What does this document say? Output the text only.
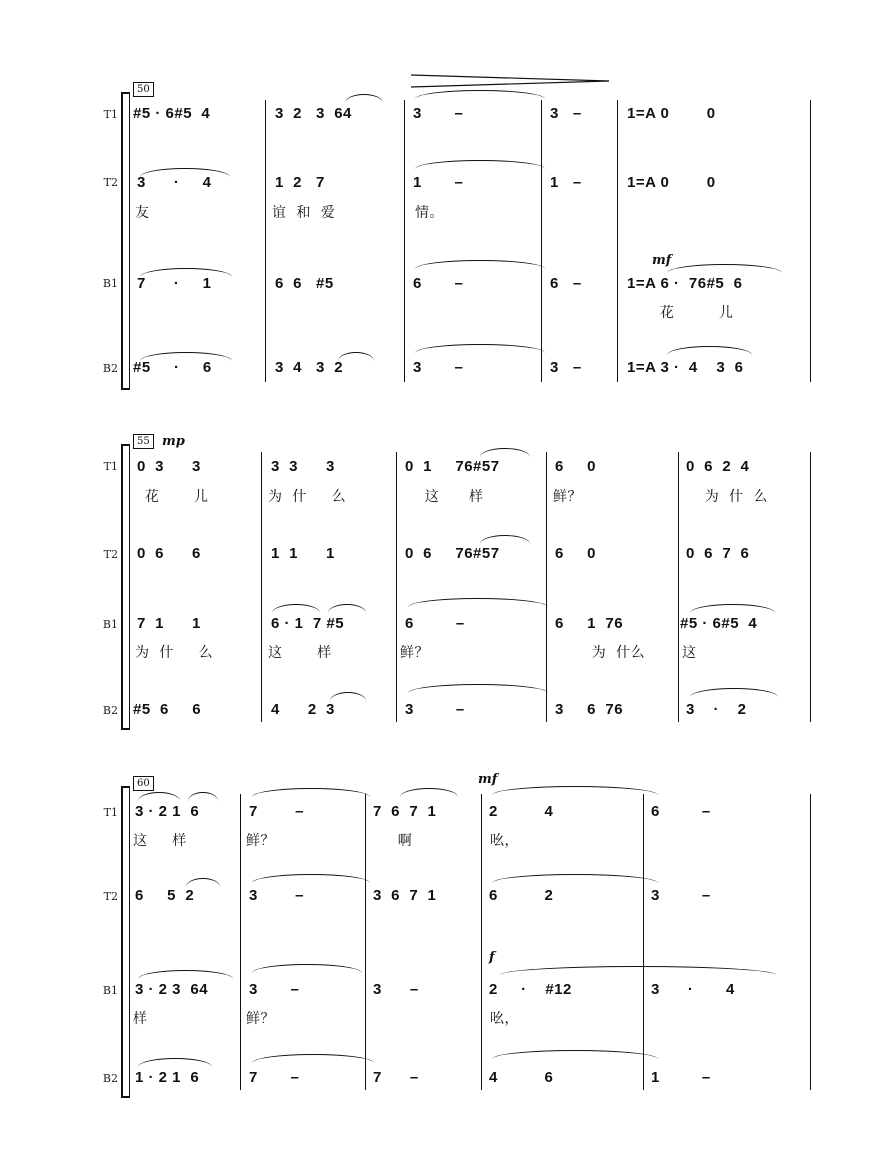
50
T1 #5 · 6#5  4	3  2   3  64	3       –	3   –	1=A 0        0
T2 3      ·     4	1  2   7	1       –	1   –	1=A 0        0
友	谊  和  爱	情。
mf
B1 7      ·     1	6  6   #5	6       –	6   –	1=A 6 ·  76#5  6
花         儿
B2 #5     ·     6	3  4   3  2	3       –	3   –	1=A 3 ·  4    3  6
55 mp
T1 0  3      3	3  3      3	0  1     76#57	6     0	0  6  2  4
花       儿	为  什     么	这      样	鲜？	为  什  么
T2 0  6      6	1  1      1	0  6     76#57	6     0	0  6  7  6
B1 7  1      1	6 · 1  7 #5	6         –	6     1  76	#5 · 6#5  4
为  什     么	这       样	鲜？	为  什么	这
B2 #5  6     6	4      2  3	3         –	3     6  76	3    ·    2
60	mf
T1 3 · 2 1  6	7        –	7  6  7  1	2          4	6         –
这     样	鲜？	啊	吆，
T2 6     5  2	3        –	3  6  7  1	6          2	3         –
f
B1 3 · 2 3  64	3       –	3      –	2     ·    #12	3      ·       4
样	鲜？	吆，
B2 1 · 2 1  6	7       –	7      –	4          6	1         –
